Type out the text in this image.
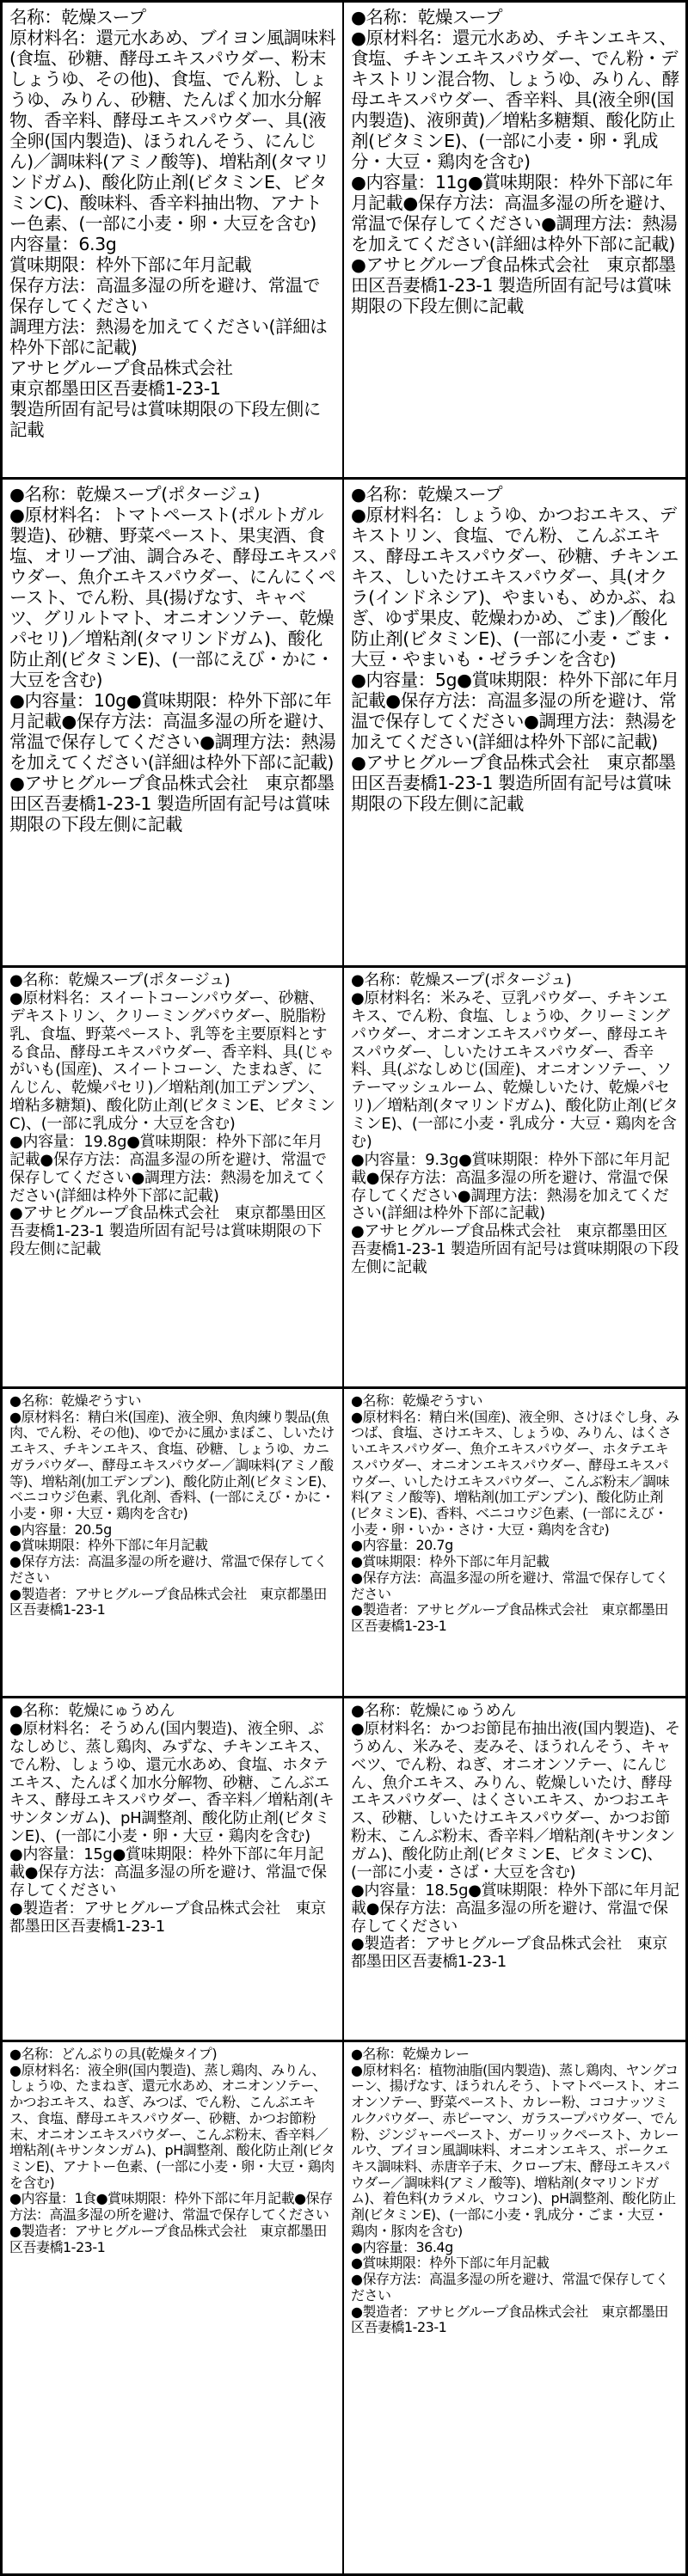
名称：乾燥スープ

原材料名：還元水あめ、ブイヨン風調味料(食塩、砂糖、酵母エキスパウダー、粉末しょうゆ、その他)、食塩、でん粉、しょうゆ、みりん、砂糖、たんぱく加水分解物、香辛料、酵母エキスパウダー、具(液全卵(国内製造)、ほうれんそう、にんじん)／調味料(アミノ酸等)、増粘剤(タマリンドガム)、酸化防止剤(ビタミンE、ビタミンC)、酸味料、香辛料抽出物、アナトー色素、(一部に小麦・卵・大豆を含む)

内容量：6.3g

賞味期限：枠外下部に年月記載

保存方法：高温多湿の所を避け、常温で保存してください

調理方法：熱湯を加えてください(詳細は枠外下部に記載)

アサヒグループ食品株式会社

東京都墨田区吾妻橋1-23-1

製造所固有記号は賞味期限の下段左側に記載

● 名称：乾燥スープ

● 原材料名：還元水あめ、チキンエキス、食塩、チキンエキスパウダー、でん粉・デキストリン混合物、しょうゆ、みりん、酵母エキスパウダー、香辛料、具(液全卵(国内製造)、液卵黄)／増粘多糖類、酸化防止剤(ビタミンE)、(一部に小麦・卵・乳成分・大豆・鶏肉を含む)

● 内容量：11g ● 賞味期限：枠外下部に年月記載 ● 保存方法：高温多湿の所を避け、常温で保存してください ● 調理方法：熱湯を加えてください(詳細は枠外下部に記載)

● アサヒグループ食品株式会社　東京都墨田区吾妻橋1-23-1 製造所固有記号は賞味期限の下段左側に記載

● 名称：乾燥スープ(ポタージュ)

● 原材料名：トマトペースト(ポルトガル製造)、砂糖、野菜ペースト、果実酒、食塩、オリーブ油、調合みそ、酵母エキスパウダー、魚介エキスパウダー、にんにくペースト、でん粉、具(揚げなす、キャベツ、グリルトマト、オニオンソテー、乾燥パセリ)／増粘剤(タマリンドガム)、酸化防止剤(ビタミンE)、(一部にえび・かに・大豆を含む)

● 内容量：10g ● 賞味期限：枠外下部に年月記載 ● 保存方法：高温多湿の所を避け、常温で保存してください ● 調理方法：熱湯を加えてください(詳細は枠外下部に記載)

● アサヒグループ食品株式会社　東京都墨田区吾妻橋1-23-1 製造所固有記号は賞味期限の下段左側に記載

● 名称：乾燥スープ

● 原材料名：しょうゆ、かつおエキス、デキストリン、食塩、でん粉、こんぶエキス、酵母エキスパウダー、砂糖、チキンエキス、しいたけエキスパウダー、具(オクラ(インドネシア)、やまいも、めかぶ、ねぎ、ゆず果皮、乾燥わかめ、ごま)／酸化防止剤(ビタミンE)、(一部に小麦・ごま・大豆・やまいも・ゼラチンを含む)

● 内容量：5g ● 賞味期限：枠外下部に年月記載 ● 保存方法：高温多湿の所を避け、常温で保存してください ● 調理方法：熱湯を加えてください(詳細は枠外下部に記載)

● アサヒグループ食品株式会社　東京都墨田区吾妻橋1-23-1 製造所固有記号は賞味期限の下段左側に記載

● 名称：乾燥スープ(ポタージュ)

● 原材料名：スイートコーンパウダー、砂糖、デキストリン、クリーミングパウダー、脱脂粉乳、食塩、野菜ペースト、乳等を主要原料とする食品、酵母エキスパウダー、香辛料、具(じゃがいも(国産)、スイートコーン、たまねぎ、にんじん、乾燥パセリ)／増粘剤(加工デンプン、増粘多糖類)、酸化防止剤(ビタミンE、ビタミンC)、(一部に乳成分・大豆を含む)

● 内容量：19.8g ● 賞味期限：枠外下部に年月記載 ● 保存方法：高温多湿の所を避け、常温で保存してください ● 調理方法：熱湯を加えてください(詳細は枠外下部に記載)

● アサヒグループ食品株式会社　東京都墨田区吾妻橋1-23-1 製造所固有記号は賞味期限の下段左側に記載

● 名称：乾燥スープ(ポタージュ)

● 原材料名：米みそ、豆乳パウダー、チキンエキス、でん粉、食塩、しょうゆ、クリーミングパウダー、オニオンエキスパウダー、酵母エキスパウダー、しいたけエキスパウダー、香辛料、具(ぶなしめじ(国産)、オニオンソテー、ソテーマッシュルーム、乾燥しいたけ、乾燥パセリ)／増粘剤(タマリンドガム)、酸化防止剤(ビタミンE)、(一部に小麦・乳成分・大豆・鶏肉を含む)

● 内容量：9.3g ● 賞味期限：枠外下部に年月記載 ● 保存方法：高温多湿の所を避け、常温で保存してください ● 調理方法：熱湯を加えてください(詳細は枠外下部に記載)

● アサヒグループ食品株式会社　東京都墨田区吾妻橋1-23-1 製造所固有記号は賞味期限の下段左側に記載

● 名称：乾燥ぞうすい

● 原材料名：精白米(国産)、液全卵、魚肉練り製品(魚肉、でん粉、その他)、ゆでかに風かまぼこ、しいたけエキス、チキンエキス、食塩、砂糖、しょうゆ、カニガラパウダー、酵母エキスパウダー／調味料(アミノ酸等)、増粘剤(加工デンプン)、酸化防止剤(ビタミンE)、ベニコウジ色素、乳化剤、香料、(一部にえび・かに・小麦・卵・大豆・鶏肉を含む)

● 内容量：20.5g

● 賞味期限：枠外下部に年月記載

● 保存方法：高温多湿の所を避け、常温で保存してください

● 製造者：アサヒグループ食品株式会社　東京都墨田区吾妻橋1-23-1

● 名称：乾燥ぞうすい

● 原材料名：精白米(国産)、液全卵、さけほぐし身、みつば、食塩、さけエキス、しょうゆ、みりん、はくさいエキスパウダー、魚介エキスパウダー、ホタテエキスパウダー、オニオンエキスパウダー、酵母エキスパウダー、いしたけエキスパウダー、こんぶ粉末／調味料(アミノ酸等)、増粘剤(加工デンプン)、酸化防止剤(ビタミンE)、香料、ベニコウジ色素、(一部にえび・小麦・卵・いか・さけ・大豆・鶏肉を含む)

● 内容量：20.7g

● 賞味期限：枠外下部に年月記載

● 保存方法：高温多湿の所を避け、常温で保存してください

● 製造者：アサヒグループ食品株式会社　東京都墨田区吾妻橋1-23-1

● 名称：乾燥にゅうめん

● 原材料名：そうめん(国内製造)、液全卵、ぶなしめじ、蒸し鶏肉、みずな、チキンエキス、でん粉、しょうゆ、還元水あめ、食塩、ホタテエキス、たんぱく加水分解物、砂糖、こんぶエキス、酵母エキスパウダー、香辛料／増粘剤(キサンタンガム)、pH調整剤、酸化防止剤(ビタミンE)、(一部に小麦・卵・大豆・鶏肉を含む)

● 内容量：15g ● 賞味期限：枠外下部に年月記載 ● 保存方法：高温多湿の所を避け、常温で保存してください

● 製造者：アサヒグループ食品株式会社　東京都墨田区吾妻橋1-23-1

● 名称：乾燥にゅうめん

● 原材料名：かつお節昆布抽出液(国内製造)、そうめん、米みそ、麦みそ、ほうれんそう、キャベツ、でん粉、ねぎ、オニオンソテー、にんじん、魚介エキス、みりん、乾燥しいたけ、酵母エキスパウダー、はくさいエキス、かつおエキス、砂糖、しいたけエキスパウダー、かつお節粉末、こんぶ粉末、香辛料／増粘剤(キサンタンガム)、酸化防止剤(ビタミンE、ビタミンC)、(一部に小麦・さば・大豆を含む)

● 内容量：18.5g ● 賞味期限：枠外下部に年月記載 ● 保存方法：高温多湿の所を避け、常温で保存してください

● 製造者：アサヒグループ食品株式会社　東京都墨田区吾妻橋1-23-1

● 名称：どんぶりの具(乾燥タイプ)

● 原材料名：液全卵(国内製造)、蒸し鶏肉、みりん、しょうゆ、たまねぎ、還元水あめ、オニオンソテー、かつおエキス、ねぎ、みつば、でん粉、こんぶエキス、食塩、酵母エキスパウダー、砂糖、かつお節粉末、オニオンエキスパウダー、こんぶ粉末、香辛料／増粘剤(キサンタンガム)、pH調整剤、酸化防止剤(ビタミンE)、アナトー色素、(一部に小麦・卵・大豆・鶏肉を含む)

● 内容量：1食 ● 賞味期限：枠外下部に年月記載 ● 保存方法：高温多湿の所を避け、常温で保存してください● 製造者：アサヒグループ食品株式会社　東京都墨田区吾妻橋1-23-1

● 名称：乾燥カレー

● 原材料名：植物油脂(国内製造)、蒸し鶏肉、ヤングコーン、揚げなす、ほうれんそう、トマトペースト、オニオンソテー、野菜ペースト、カレー粉、ココナッツミルクパウダー、赤ピーマン、ガラスープパウダー、でん粉、ジンジャーペースト、ガーリックペースト、カレールウ、ブイヨン風調味料、オニオンエキス、ポークエキス調味料、赤唐辛子末、クローブ末、酵母エキスパウダー／調味料(アミノ酸等)、増粘剤(タマリンドガム)、着色料(カラメル、ウコン)、pH調整剤、酸化防止剤(ビタミンE)、(一部に小麦・乳成分・ごま・大豆・鶏肉・豚肉を含む)

● 内容量：36.4g

● 賞味期限：枠外下部に年月記載

● 保存方法：高温多湿の所を避け、常温で保存してください

● 製造者：アサヒグループ食品株式会社　東京都墨田区吾妻橋1-23-1
